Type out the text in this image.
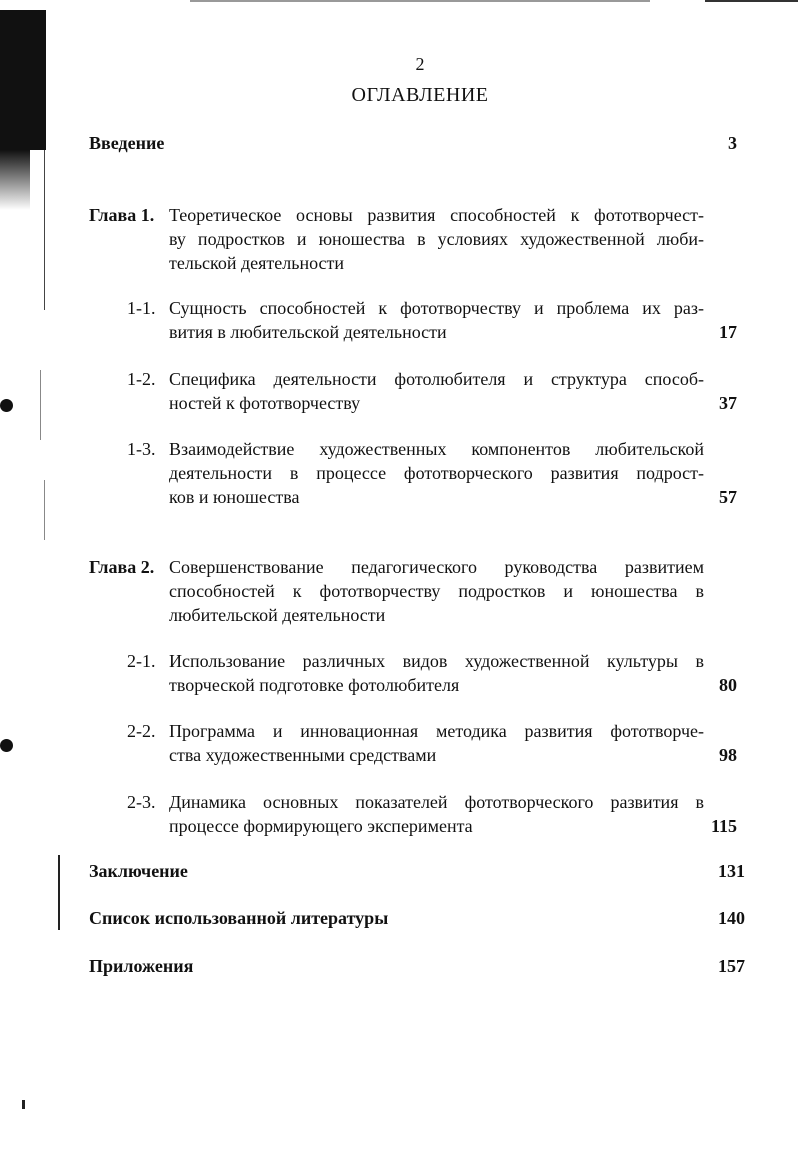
2
ОГЛАВЛЕНИЕ
Введение	3
Глава 1. Теоретическое основы развития способностей к фототворчест-
ву подростков и юношества в условиях художественной люби-
тельской деятельности
1-1. Сущность способностей к фототворчеству и проблема их раз-
вития в любительской деятельности	17
1-2. Специфика деятельности фотолюбителя и структура способ-
ностей к фототворчеству	37
1-3. Взаимодействие художественных компонентов любительской
деятельности в процессе фототворческого развития подрост-
ков и юношества	57
Глава 2. Совершенствование педагогического руководства развитием
способностей к фототворчеству подростков и юношества в
любительской деятельности
2-1. Использование различных видов художественной культуры в
творческой подготовке фотолюбителя	80
2-2. Программа и инновационная методика развития фототворче-
ства художественными средствами	98
2-3. Динамика основных показателей фототворческого развития в
процессе формирующего эксперимента	115
Заключение	131
Список использованной литературы	140
Приложения	157
